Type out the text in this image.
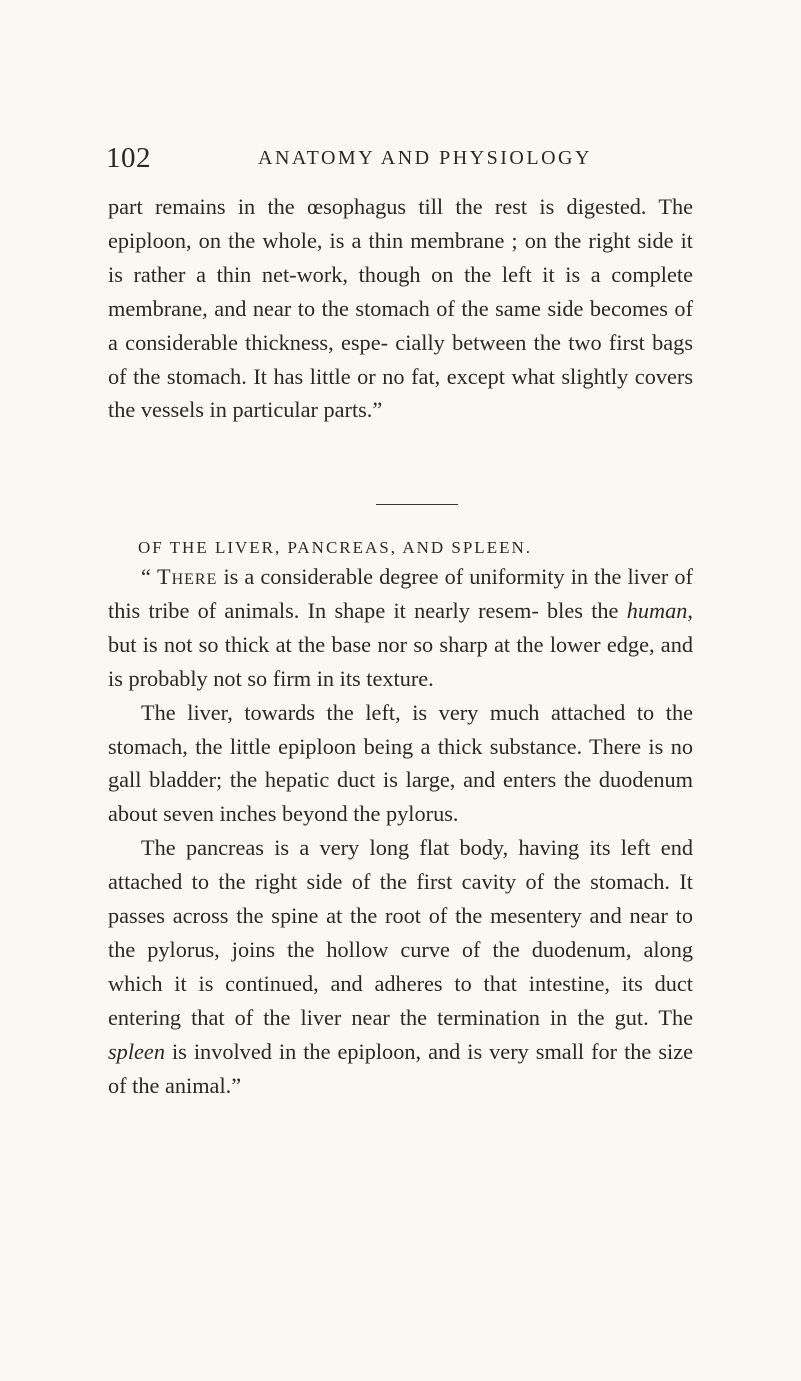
102	ANATOMY AND PHYSIOLOGY

part remains in the œsophagus till the rest is digested. The epiploon, on the whole, is a thin membrane ; on the right side it is rather a thin net-work, though on the left it is a complete membrane, and near to the stomach of the same side becomes of a considerable thickness, espe- cially between the two first bags of the stomach. It has little or no fat, except what slightly covers the vessels in particular parts.”

OF THE LIVER, PANCREAS, AND SPLEEN.

“ There is a considerable degree of uniformity in the liver of this tribe of animals. In shape it nearly resem- bles the human, but is not so thick at the base nor so sharp at the lower edge, and is probably not so firm in its texture.

The liver, towards the left, is very much attached to the stomach, the little epiploon being a thick substance. There is no gall bladder; the hepatic duct is large, and enters the duodenum about seven inches beyond the pylorus.

The pancreas is a very long flat body, having its left end attached to the right side of the first cavity of the stomach. It passes across the spine at the root of the mesentery and near to the pylorus, joins the hollow curve of the duodenum, along which it is continued, and adheres to that intestine, its duct entering that of the liver near the termination in the gut. The spleen is involved in the epiploon, and is very small for the size of the animal.”
